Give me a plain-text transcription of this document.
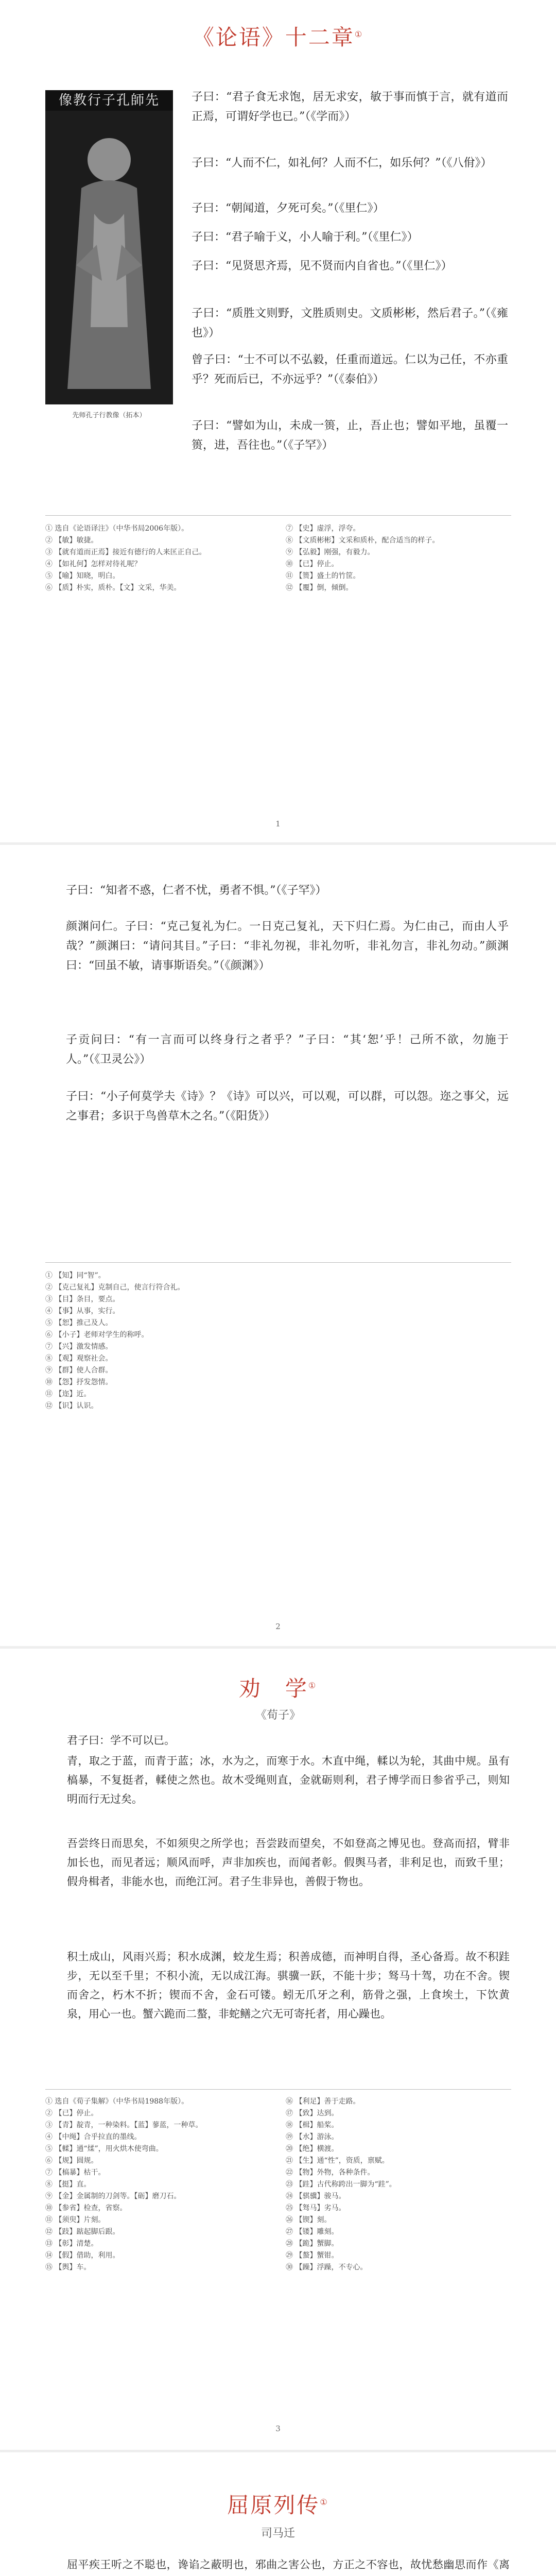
《论语》十二章①
像教行子孔師先
先师孔子行教像（拓本）
子曰：“君子食无求饱，居无求安，敏于事而慎于言，就有道而正焉，可谓好学也已。”（《学而》）
子曰：“人而不仁，如礼何？人而不仁，如乐何？”（《八佾》）
子曰：“朝闻道，夕死可矣。”（《里仁》）
子曰：“君子喻于义，小人喻于利。”（《里仁》）
子曰：“见贤思齐焉，见不贤而内自省也。”（《里仁》）
子曰：“质胜文则野，文胜质则史。文质彬彬，然后君子。”（《雍也》）
曾子曰：“士不可以不弘毅，任重而道远。仁以为己任，不亦重乎？死而后已，不亦远乎？”（《泰伯》）
子曰：“譬如为山，未成一篑，止，吾止也；譬如平地，虽覆一篑，进，吾往也。”（《子罕》）
① 选自《论语译注》（中华书局2006年版）。
② 【敏】敏捷。
③ 【就有道而正焉】接近有德行的人来匡正自己。
④ 【如礼何】怎样对待礼呢？
⑤ 【喻】知晓，明白。
⑥ 【质】朴实，质朴。【文】文采，华美。
⑦ 【史】虚浮，浮夸。
⑧ 【文质彬彬】文采和质朴，配合适当的样子。
⑨ 【弘毅】刚强，有毅力。
⑩ 【已】停止。
⑪ 【篑】盛土的竹筐。
⑫ 【覆】倒，倾倒。
1
子曰：“知者不惑，仁者不忧，勇者不惧。”（《子罕》）
颜渊问仁。子曰：“克己复礼为仁。一日克己复礼，天下归仁焉。为仁由己，而由人乎哉？”颜渊曰：“请问其目。”子曰：“非礼勿视，非礼勿听，非礼勿言，非礼勿动。”颜渊曰：“回虽不敏，请事斯语矣。”（《颜渊》）
子贡问曰：“有一言而可以终身行之者乎？”子曰：“其‘恕’乎！己所不欲，勿施于人。”（《卫灵公》）
子曰：“小子何莫学夫《诗》？《诗》可以兴，可以观，可以群，可以怨。迩之事父，远之事君；多识于鸟兽草木之名。”（《阳货》）
① 【知】同“智”。
② 【克己复礼】克制自己，使言行符合礼。
③ 【目】条目，要点。
④ 【事】从事，实行。
⑤ 【恕】推己及人。
⑥ 【小子】老师对学生的称呼。
⑦ 【兴】激发情感。
⑧ 【观】观察社会。
⑨ 【群】使人合群。
⑩ 【怨】抒发怨情。
⑪ 【迩】近。
⑫ 【识】认识。
2
劝　学①
《荀子》
君子曰：学不可以已。
青，取之于蓝，而青于蓝；冰，水为之，而寒于水。木直中绳，輮以为轮，其曲中规。虽有槁暴，不复挺者，輮使之然也。故木受绳则直，金就砺则利，君子博学而日参省乎己，则知明而行无过矣。
吾尝终日而思矣，不如须臾之所学也；吾尝跂而望矣，不如登高之博见也。登高而招，臂非加长也，而见者远；顺风而呼，声非加疾也，而闻者彰。假舆马者，非利足也，而致千里；假舟楫者，非能水也，而绝江河。君子生非异也，善假于物也。
积土成山，风雨兴焉；积水成渊，蛟龙生焉；积善成德，而神明自得，圣心备焉。故不积跬步，无以至千里；不积小流，无以成江海。骐骥一跃，不能十步；驽马十驾，功在不舍。锲而舍之，朽木不折；锲而不舍，金石可镂。蚓无爪牙之利，筋骨之强，上食埃土，下饮黄泉，用心一也。蟹六跪而二螯，非蛇鳝之穴无可寄托者，用心躁也。
① 选自《荀子集解》（中华书局1988年版）。
② 【已】停止。
③ 【青】靛青，一种染料。【蓝】蓼蓝，一种草。
④ 【中绳】合乎拉直的墨线。
⑤ 【輮】通“煣”，用火烘木使弯曲。
⑥ 【规】圆规。
⑦ 【槁暴】枯干。
⑧ 【挺】直。
⑨ 【金】金属制的刀剑等。【砺】磨刀石。
⑩ 【参省】检查，省察。
⑪ 【须臾】片刻。
⑫ 【跂】踮起脚后跟。
⑬ 【彰】清楚。
⑭ 【假】借助，利用。
⑮ 【舆】车。
⑯ 【利足】善于走路。
⑰ 【致】达到。
⑱ 【楫】船桨。
⑲ 【水】游泳。
⑳ 【绝】横渡。
㉑ 【生】通“性”，资质，禀赋。
㉒ 【物】外物，各种条件。
㉓ 【跬】古代称跨出一脚为“跬”。
㉔ 【骐骥】骏马。
㉕ 【驽马】劣马。
㉖ 【锲】刻。
㉗ 【镂】雕刻。
㉘ 【跪】蟹脚。
㉙ 【螯】蟹钳。
㉚ 【躁】浮躁，不专心。
3
屈原列传①
司马迁
屈平疾王听之不聪也，谗谄之蔽明也，邪曲之害公也，方正之不容也，故忧愁幽思而作《离
